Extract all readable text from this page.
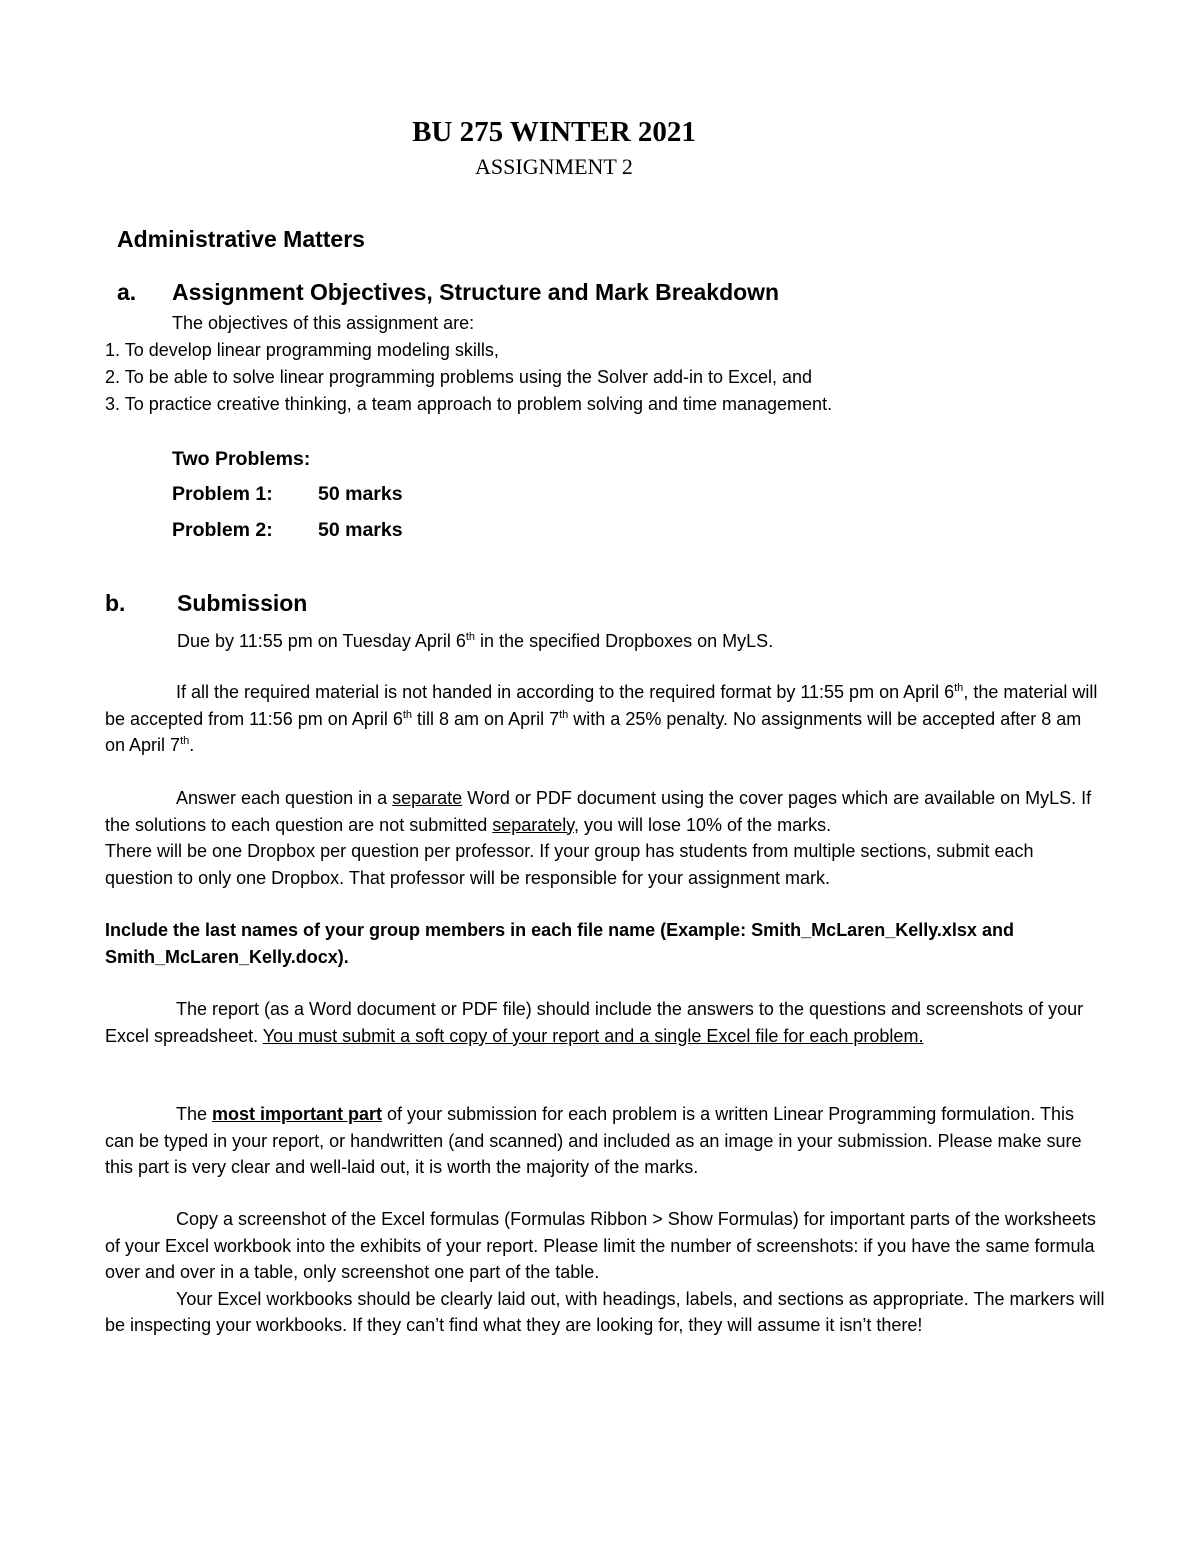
BU 275 WINTER 2021
ASSIGNMENT 2
Administrative Matters
a. Assignment Objectives, Structure and Mark Breakdown
The objectives of this assignment are:
1. To develop linear programming modeling skills,
2. To be able to solve linear programming problems using the Solver add-in to Excel, and
3. To practice creative thinking, a team approach to problem solving and time management.
Two Problems:
Problem 1: 50 marks
Problem 2: 50 marks
b. Submission
Due by 11:55 pm on Tuesday April 6th in the specified Dropboxes on MyLS.
If all the required material is not handed in according to the required format by 11:55 pm on April 6th, the material will be accepted from 11:56 pm on April 6th till 8 am on April 7th with a 25% penalty. No assignments will be accepted after 8 am on April 7th.
Answer each question in a separate Word or PDF document using the cover pages which are available on MyLS. If the solutions to each question are not submitted separately, you will lose 10% of the marks.
There will be one Dropbox per question per professor. If your group has students from multiple sections, submit each question to only one Dropbox. That professor will be responsible for your assignment mark.
Include the last names of your group members in each file name (Example: Smith_McLaren_Kelly.xlsx and Smith_McLaren_Kelly.docx).
The report (as a Word document or PDF file) should include the answers to the questions and screenshots of your Excel spreadsheet. You must submit a soft copy of your report and a single Excel file for each problem.
The most important part of your submission for each problem is a written Linear Programming formulation. This can be typed in your report, or handwritten (and scanned) and included as an image in your submission. Please make sure this part is very clear and well-laid out, it is worth the majority of the marks.
Copy a screenshot of the Excel formulas (Formulas Ribbon > Show Formulas) for important parts of the worksheets of your Excel workbook into the exhibits of your report. Please limit the number of screenshots: if you have the same formula over and over in a table, only screenshot one part of the table.
Your Excel workbooks should be clearly laid out, with headings, labels, and sections as appropriate. The markers will be inspecting your workbooks. If they can’t find what they are looking for, they will assume it isn’t there!
